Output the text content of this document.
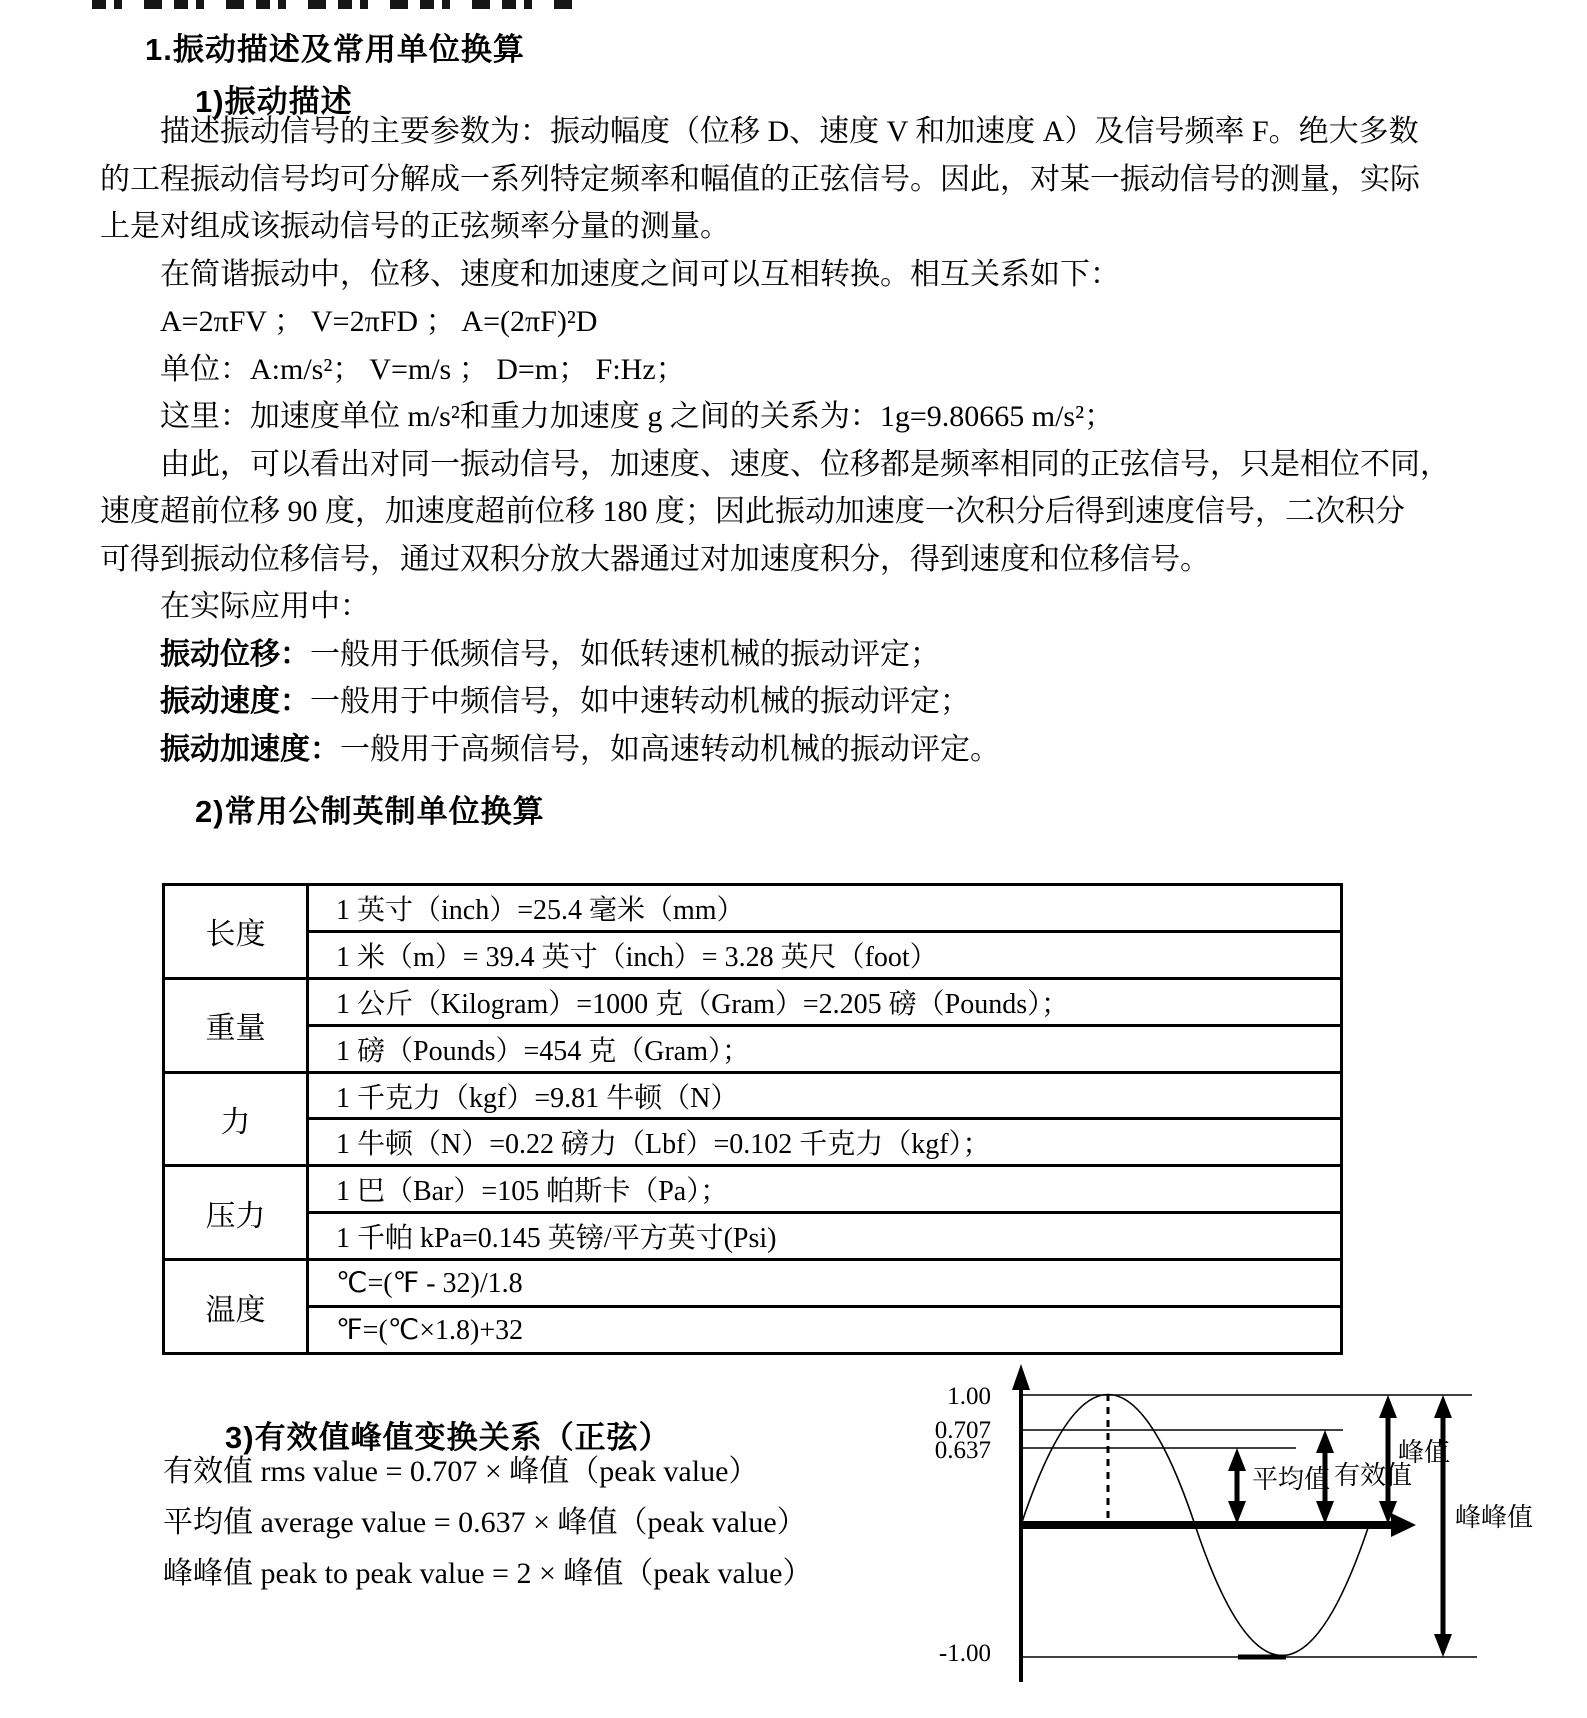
1.振动描述及常用单位换算
1)振动描述
描述振动信号的主要参数为：振动幅度（位移 D、速度 V 和加速度 A）及信号频率 F。绝大多数
的工程振动信号均可分解成一系列特定频率和幅值的正弦信号。因此，对某一振动信号的测量，实际
上是对组成该振动信号的正弦频率分量的测量。
在简谐振动中，位移、速度和加速度之间可以互相转换。相互关系如下：
A=2πFV ； V=2πFD ； A=(2πF)²D
单位：A:m/s²； V=m/s ； D=m； F:Hz；
这里：加速度单位 m/s²和重力加速度 g 之间的关系为：1g=9.80665 m/s²；
由此，可以看出对同一振动信号，加速度、速度、位移都是频率相同的正弦信号，只是相位不同，
速度超前位移 90 度，加速度超前位移 180 度；因此振动加速度一次积分后得到速度信号，二次积分
可得到振动位移信号，通过双积分放大器通过对加速度积分，得到速度和位移信号。
在实际应用中：
振动位移：一般用于低频信号，如低转速机械的振动评定；
振动速度：一般用于中频信号，如中速转动机械的振动评定；
振动加速度：一般用于高频信号，如高速转动机械的振动评定。
2)常用公制英制单位换算
长度	1 英寸（inch）=25.4 毫米（mm）
	1 米（m）= 39.4 英寸（inch）= 3.28 英尺（foot）
重量	1 公斤（Kilogram）=1000 克（Gram）=2.205 磅（Pounds）；
	1 磅（Pounds）=454 克（Gram）；
力	1 千克力（kgf）=9.81 牛顿（N）
	1 牛顿（N）=0.22 磅力（Lbf）=0.102 千克力（kgf）；
压力	1 巴（Bar）=105 帕斯卡（Pa）；
	1 千帕 kPa=0.145 英镑/平方英寸(Psi)
温度	℃=(℉ - 32)/1.8
	℉=(℃×1.8)+32
3)有效值峰值变换关系（正弦）
有效值 rms value = 0.707 × 峰值（peak value）
平均值 average value = 0.637 × 峰值（peak value）
峰峰值 peak to peak value = 2 × 峰值（peak value）
1.00
0.707
0.637
-1.00
平均值 有效值
峰值
峰峰值
